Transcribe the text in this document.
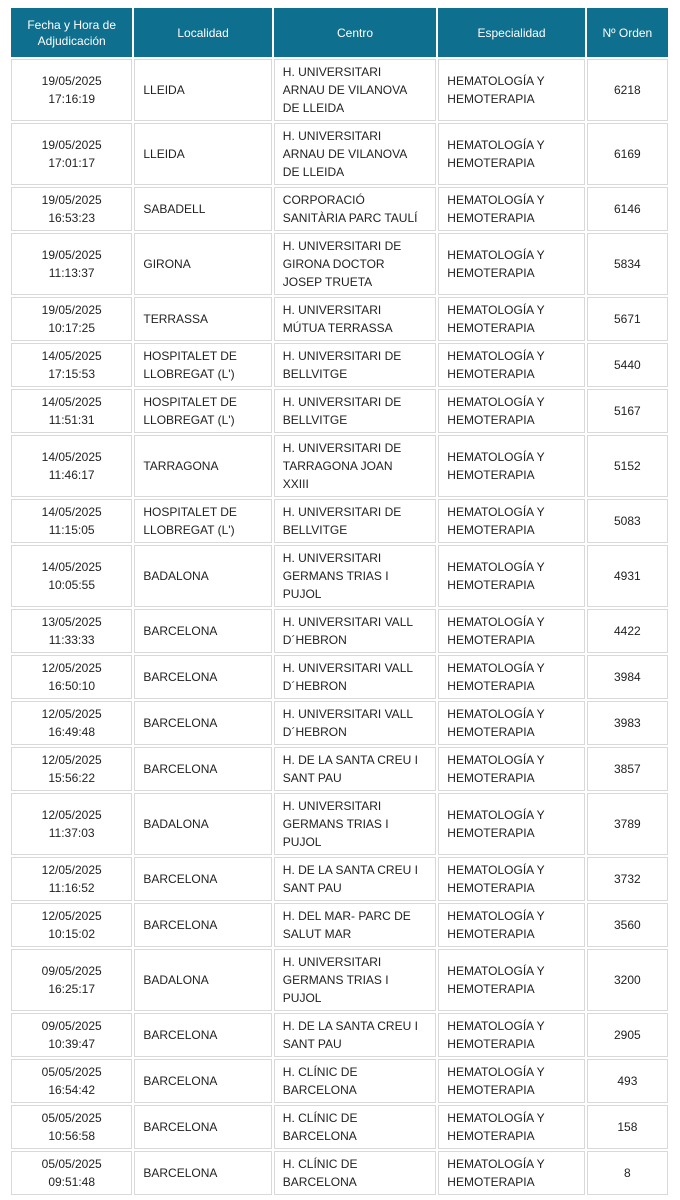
Fecha y Hora de
Adjudicación	Localidad	Centro	Especialidad	Nº Orden
19/05/2025
17:16:19	LLEIDA	H. UNIVERSITARI
ARNAU DE VILANOVA
DE LLEIDA	HEMATOLOGÍA Y
HEMOTERAPIA	6218
19/05/2025
17:01:17	LLEIDA	H. UNIVERSITARI
ARNAU DE VILANOVA
DE LLEIDA	HEMATOLOGÍA Y
HEMOTERAPIA	6169
19/05/2025
16:53:23	SABADELL	CORPORACIÓ
SANITÀRIA PARC TAULÍ	HEMATOLOGÍA Y
HEMOTERAPIA	6146
19/05/2025
11:13:37	GIRONA	H. UNIVERSITARI DE
GIRONA DOCTOR
JOSEP TRUETA	HEMATOLOGÍA Y
HEMOTERAPIA	5834
19/05/2025
10:17:25	TERRASSA	H. UNIVERSITARI
MÚTUA TERRASSA	HEMATOLOGÍA Y
HEMOTERAPIA	5671
14/05/2025
17:15:53	HOSPITALET DE
LLOBREGAT (L')	H. UNIVERSITARI DE
BELLVITGE	HEMATOLOGÍA Y
HEMOTERAPIA	5440
14/05/2025
11:51:31	HOSPITALET DE
LLOBREGAT (L')	H. UNIVERSITARI DE
BELLVITGE	HEMATOLOGÍA Y
HEMOTERAPIA	5167
14/05/2025
11:46:17	TARRAGONA	H. UNIVERSITARI DE
TARRAGONA JOAN
XXIII	HEMATOLOGÍA Y
HEMOTERAPIA	5152
14/05/2025
11:15:05	HOSPITALET DE
LLOBREGAT (L')	H. UNIVERSITARI DE
BELLVITGE	HEMATOLOGÍA Y
HEMOTERAPIA	5083
14/05/2025
10:05:55	BADALONA	H. UNIVERSITARI
GERMANS TRIAS I
PUJOL	HEMATOLOGÍA Y
HEMOTERAPIA	4931
13/05/2025
11:33:33	BARCELONA	H. UNIVERSITARI VALL
D´HEBRON	HEMATOLOGÍA Y
HEMOTERAPIA	4422
12/05/2025
16:50:10	BARCELONA	H. UNIVERSITARI VALL
D´HEBRON	HEMATOLOGÍA Y
HEMOTERAPIA	3984
12/05/2025
16:49:48	BARCELONA	H. UNIVERSITARI VALL
D´HEBRON	HEMATOLOGÍA Y
HEMOTERAPIA	3983
12/05/2025
15:56:22	BARCELONA	H. DE LA SANTA CREU I
SANT PAU	HEMATOLOGÍA Y
HEMOTERAPIA	3857
12/05/2025
11:37:03	BADALONA	H. UNIVERSITARI
GERMANS TRIAS I
PUJOL	HEMATOLOGÍA Y
HEMOTERAPIA	3789
12/05/2025
11:16:52	BARCELONA	H. DE LA SANTA CREU I
SANT PAU	HEMATOLOGÍA Y
HEMOTERAPIA	3732
12/05/2025
10:15:02	BARCELONA	H. DEL MAR- PARC DE
SALUT MAR	HEMATOLOGÍA Y
HEMOTERAPIA	3560
09/05/2025
16:25:17	BADALONA	H. UNIVERSITARI
GERMANS TRIAS I
PUJOL	HEMATOLOGÍA Y
HEMOTERAPIA	3200
09/05/2025
10:39:47	BARCELONA	H. DE LA SANTA CREU I
SANT PAU	HEMATOLOGÍA Y
HEMOTERAPIA	2905
05/05/2025
16:54:42	BARCELONA	H. CLÍNIC DE
BARCELONA	HEMATOLOGÍA Y
HEMOTERAPIA	493
05/05/2025
10:56:58	BARCELONA	H. CLÍNIC DE
BARCELONA	HEMATOLOGÍA Y
HEMOTERAPIA	158
05/05/2025
09:51:48	BARCELONA	H. CLÍNIC DE
BARCELONA	HEMATOLOGÍA Y
HEMOTERAPIA	8
